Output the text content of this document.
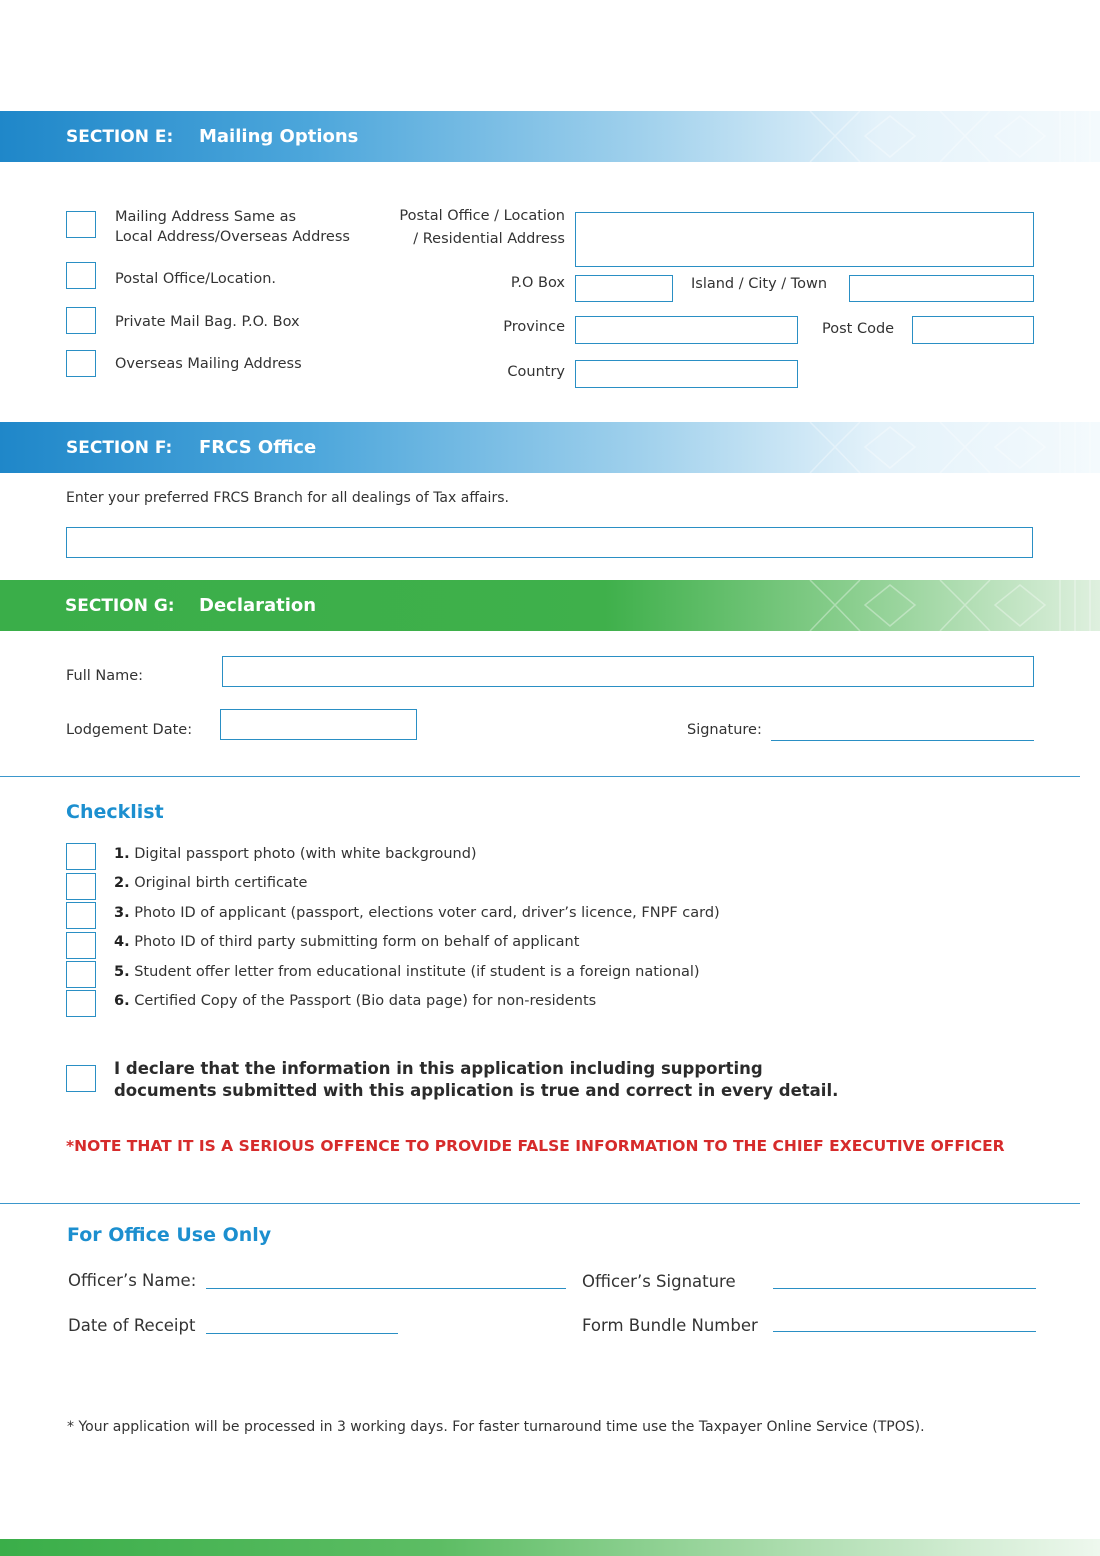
SECTION E: Mailing Options
Mailing Address Same as
Local Address/Overseas Address
Postal Office/Location.
Private Mail Bag. P.O. Box
Overseas Mailing Address
Postal Office / Location
/ Residential Address
P.O Box	Island / City / Town
Province	Post Code
Country
SECTION F: FRCS Office
Enter your preferred FRCS Branch for all dealings of Tax affairs.
SECTION G: Declaration
Full Name:
Lodgement Date:	Signature:
Checklist
1. Digital passport photo (with white background)
2. Original birth certificate
3. Photo ID of applicant (passport, elections voter card, driver’s licence, FNPF card)
4. Photo ID of third party submitting form on behalf of applicant
5. Student offer letter from educational institute (if student is a foreign national)
6. Certified Copy of the Passport (Bio data page) for non-residents
I declare that the information in this application including supporting
documents submitted with this application is true and correct in every detail.
*NOTE THAT IT IS A SERIOUS OFFENCE TO PROVIDE FALSE INFORMATION TO THE CHIEF EXECUTIVE OFFICER
For Office Use Only
Officer’s Name:	Officer’s Signature
Date of Receipt	Form Bundle Number
* Your application will be processed in 3 working days. For faster turnaround time use the Taxpayer Online Service (TPOS).
